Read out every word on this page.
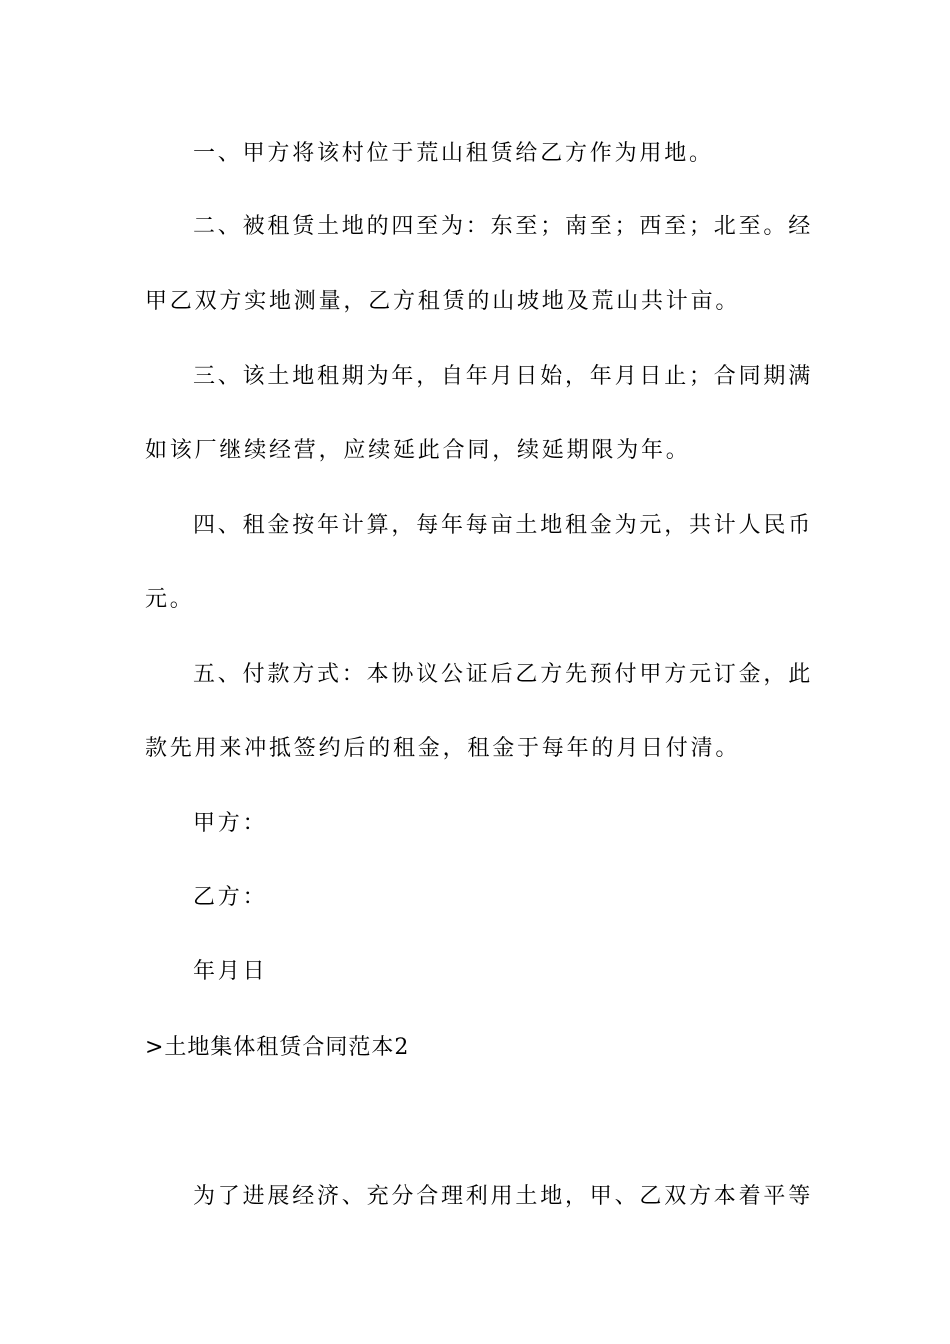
一、甲方将该村位于荒山租赁给乙方作为用地。
二、被租赁土地的四至为：东至；南至；西至；北至。经
甲乙双方实地测量，乙方租赁的山坡地及荒山共计亩。
三、该土地租期为年，自年月日始，年月日止；合同期满
如该厂继续经营，应续延此合同，续延期限为年。
四、租金按年计算，每年每亩土地租金为元，共计人民币
元。
五、付款方式：本协议公证后乙方先预付甲方元订金，此
款先用来冲抵签约后的租金，租金于每年的月日付清。
甲方：
乙方：
年月日
>土地集体租赁合同范本2
为了进展经济、充分合理利用土地，甲、乙双方本着平等
